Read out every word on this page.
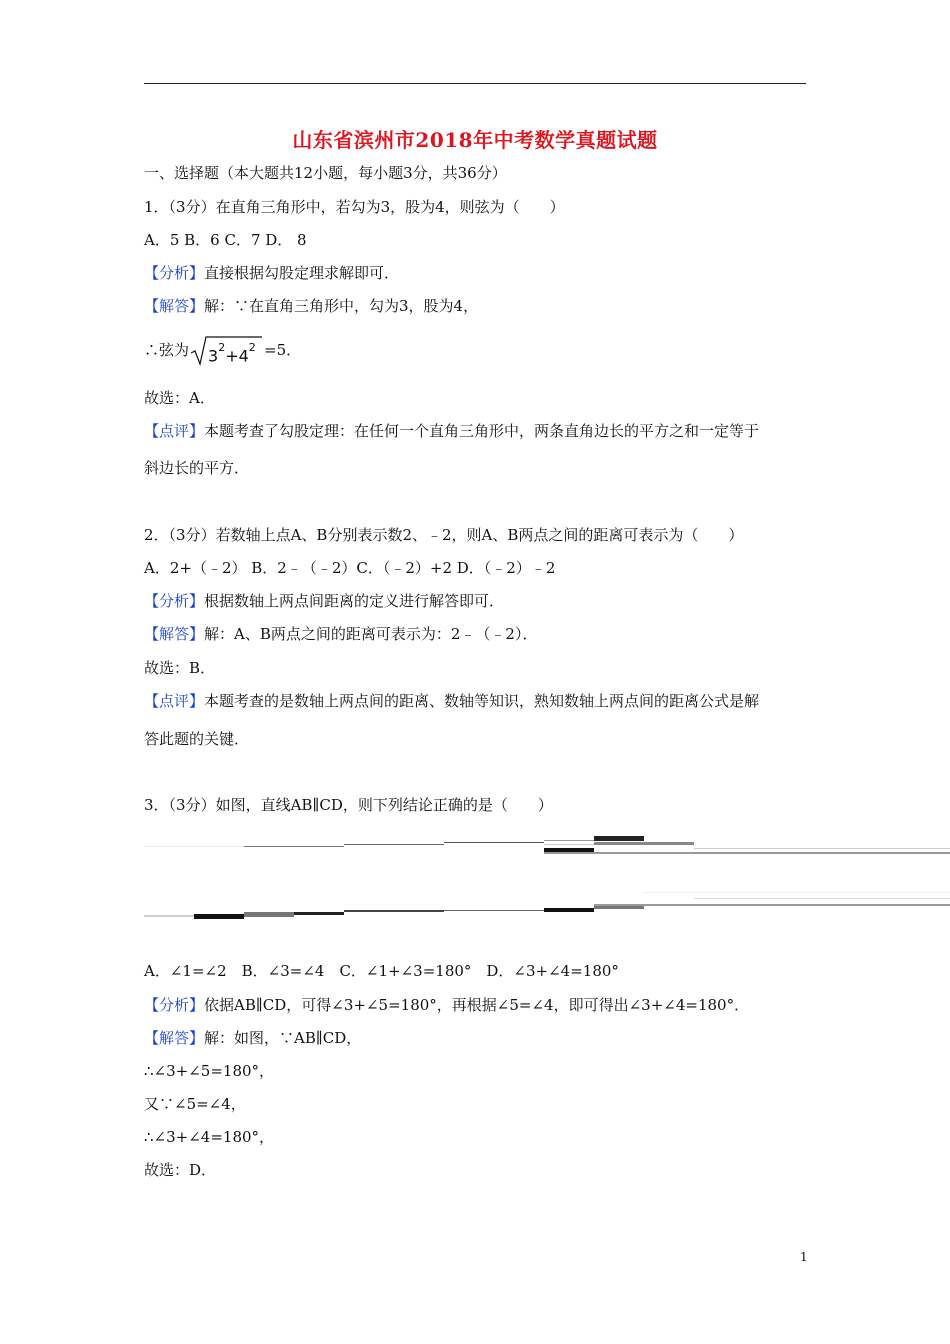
山东省滨州市2018年中考数学真题试题
一、选择题（本大题共12小题，每小题3分，共36分）
1．（3分）在直角三角形中，若勾为3，股为4，则弦为（　　）
A．5 B．6 C．7 D． 8
【分析】直接根据勾股定理求解即可．
【解答】解：∵在直角三角形中，勾为3，股为4，
∴弦为 $3^2+4^2 =5$．
故选：A．
【点评】本题考查了勾股定理：在任何一个直角三角形中，两条直角边长的平方之和一定等于
斜边长的平方．
2．（3分）若数轴上点A、B分别表示数2、﹣2，则A、B两点之间的距离可表示为（　　）
A．2+（﹣2） B．2﹣（﹣2）C．（﹣2）+2 D．（﹣2）﹣2
【分析】根据数轴上两点间距离的定义进行解答即可．
【解答】解：A、B两点之间的距离可表示为：2﹣（﹣2）．
故选：B．
【点评】本题考查的是数轴上两点间的距离、数轴等知识，熟知数轴上两点间的距离公式是解
答此题的关键．
3．（3分）如图，直线AB∥CD，则下列结论正确的是（　　）
A．∠1=∠2　B．∠3=∠4　C．∠1+∠3=180°　D．∠3+∠4=180°
【分析】依据AB∥CD，可得∠3+∠5=180°，再根据∠5=∠4，即可得出∠3+∠4=180°．
【解答】解：如图，∵AB∥CD，
∴∠3+∠5=180°，
又∵∠5=∠4，
∴∠3+∠4=180°，
故选：D．
1
